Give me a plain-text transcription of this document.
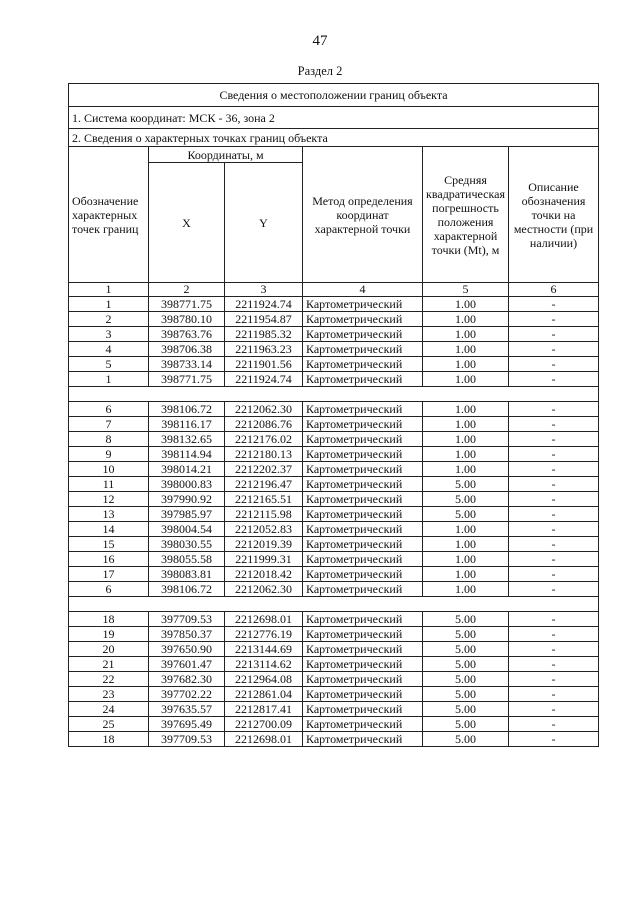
47
Раздел 2
Сведения о местоположении границ объекта					
1. Система координат: МСК - 36, зона 2					
2. Сведения о характерных точках границ объекта					
Обозначение характерных точек границ	Координаты, м		Метод определения координат характерной точки	Средняя квадратическая погрешность положения характерной точки (Mt), м	Описание обозначения точки на местности (при наличии)
	X	Y			
1	2	3	4	5	6
1	398771.75	2211924.74	Картометрический	1.00	-
2	398780.10	2211954.87	Картометрический	1.00	-
3	398763.76	2211985.32	Картометрический	1.00	-
4	398706.38	2211963.23	Картометрический	1.00	-
5	398733.14	2211901.56	Картометрический	1.00	-
1	398771.75	2211924.74	Картометрический	1.00	-

6	398106.72	2212062.30	Картометрический	1.00	-
7	398116.17	2212086.76	Картометрический	1.00	-
8	398132.65	2212176.02	Картометрический	1.00	-
9	398114.94	2212180.13	Картометрический	1.00	-
10	398014.21	2212202.37	Картометрический	1.00	-
11	398000.83	2212196.47	Картометрический	5.00	-
12	397990.92	2212165.51	Картометрический	5.00	-
13	397985.97	2212115.98	Картометрический	5.00	-
14	398004.54	2212052.83	Картометрический	1.00	-
15	398030.55	2212019.39	Картометрический	1.00	-
16	398055.58	2211999.31	Картометрический	1.00	-
17	398083.81	2212018.42	Картометрический	1.00	-
6	398106.72	2212062.30	Картометрический	1.00	-

18	397709.53	2212698.01	Картометрический	5.00	-
19	397850.37	2212776.19	Картометрический	5.00	-
20	397650.90	2213144.69	Картометрический	5.00	-
21	397601.47	2213114.62	Картометрический	5.00	-
22	397682.30	2212964.08	Картометрический	5.00	-
23	397702.22	2212861.04	Картометрический	5.00	-
24	397635.57	2212817.41	Картометрический	5.00	-
25	397695.49	2212700.09	Картометрический	5.00	-
18	397709.53	2212698.01	Картометрический	5.00	-
